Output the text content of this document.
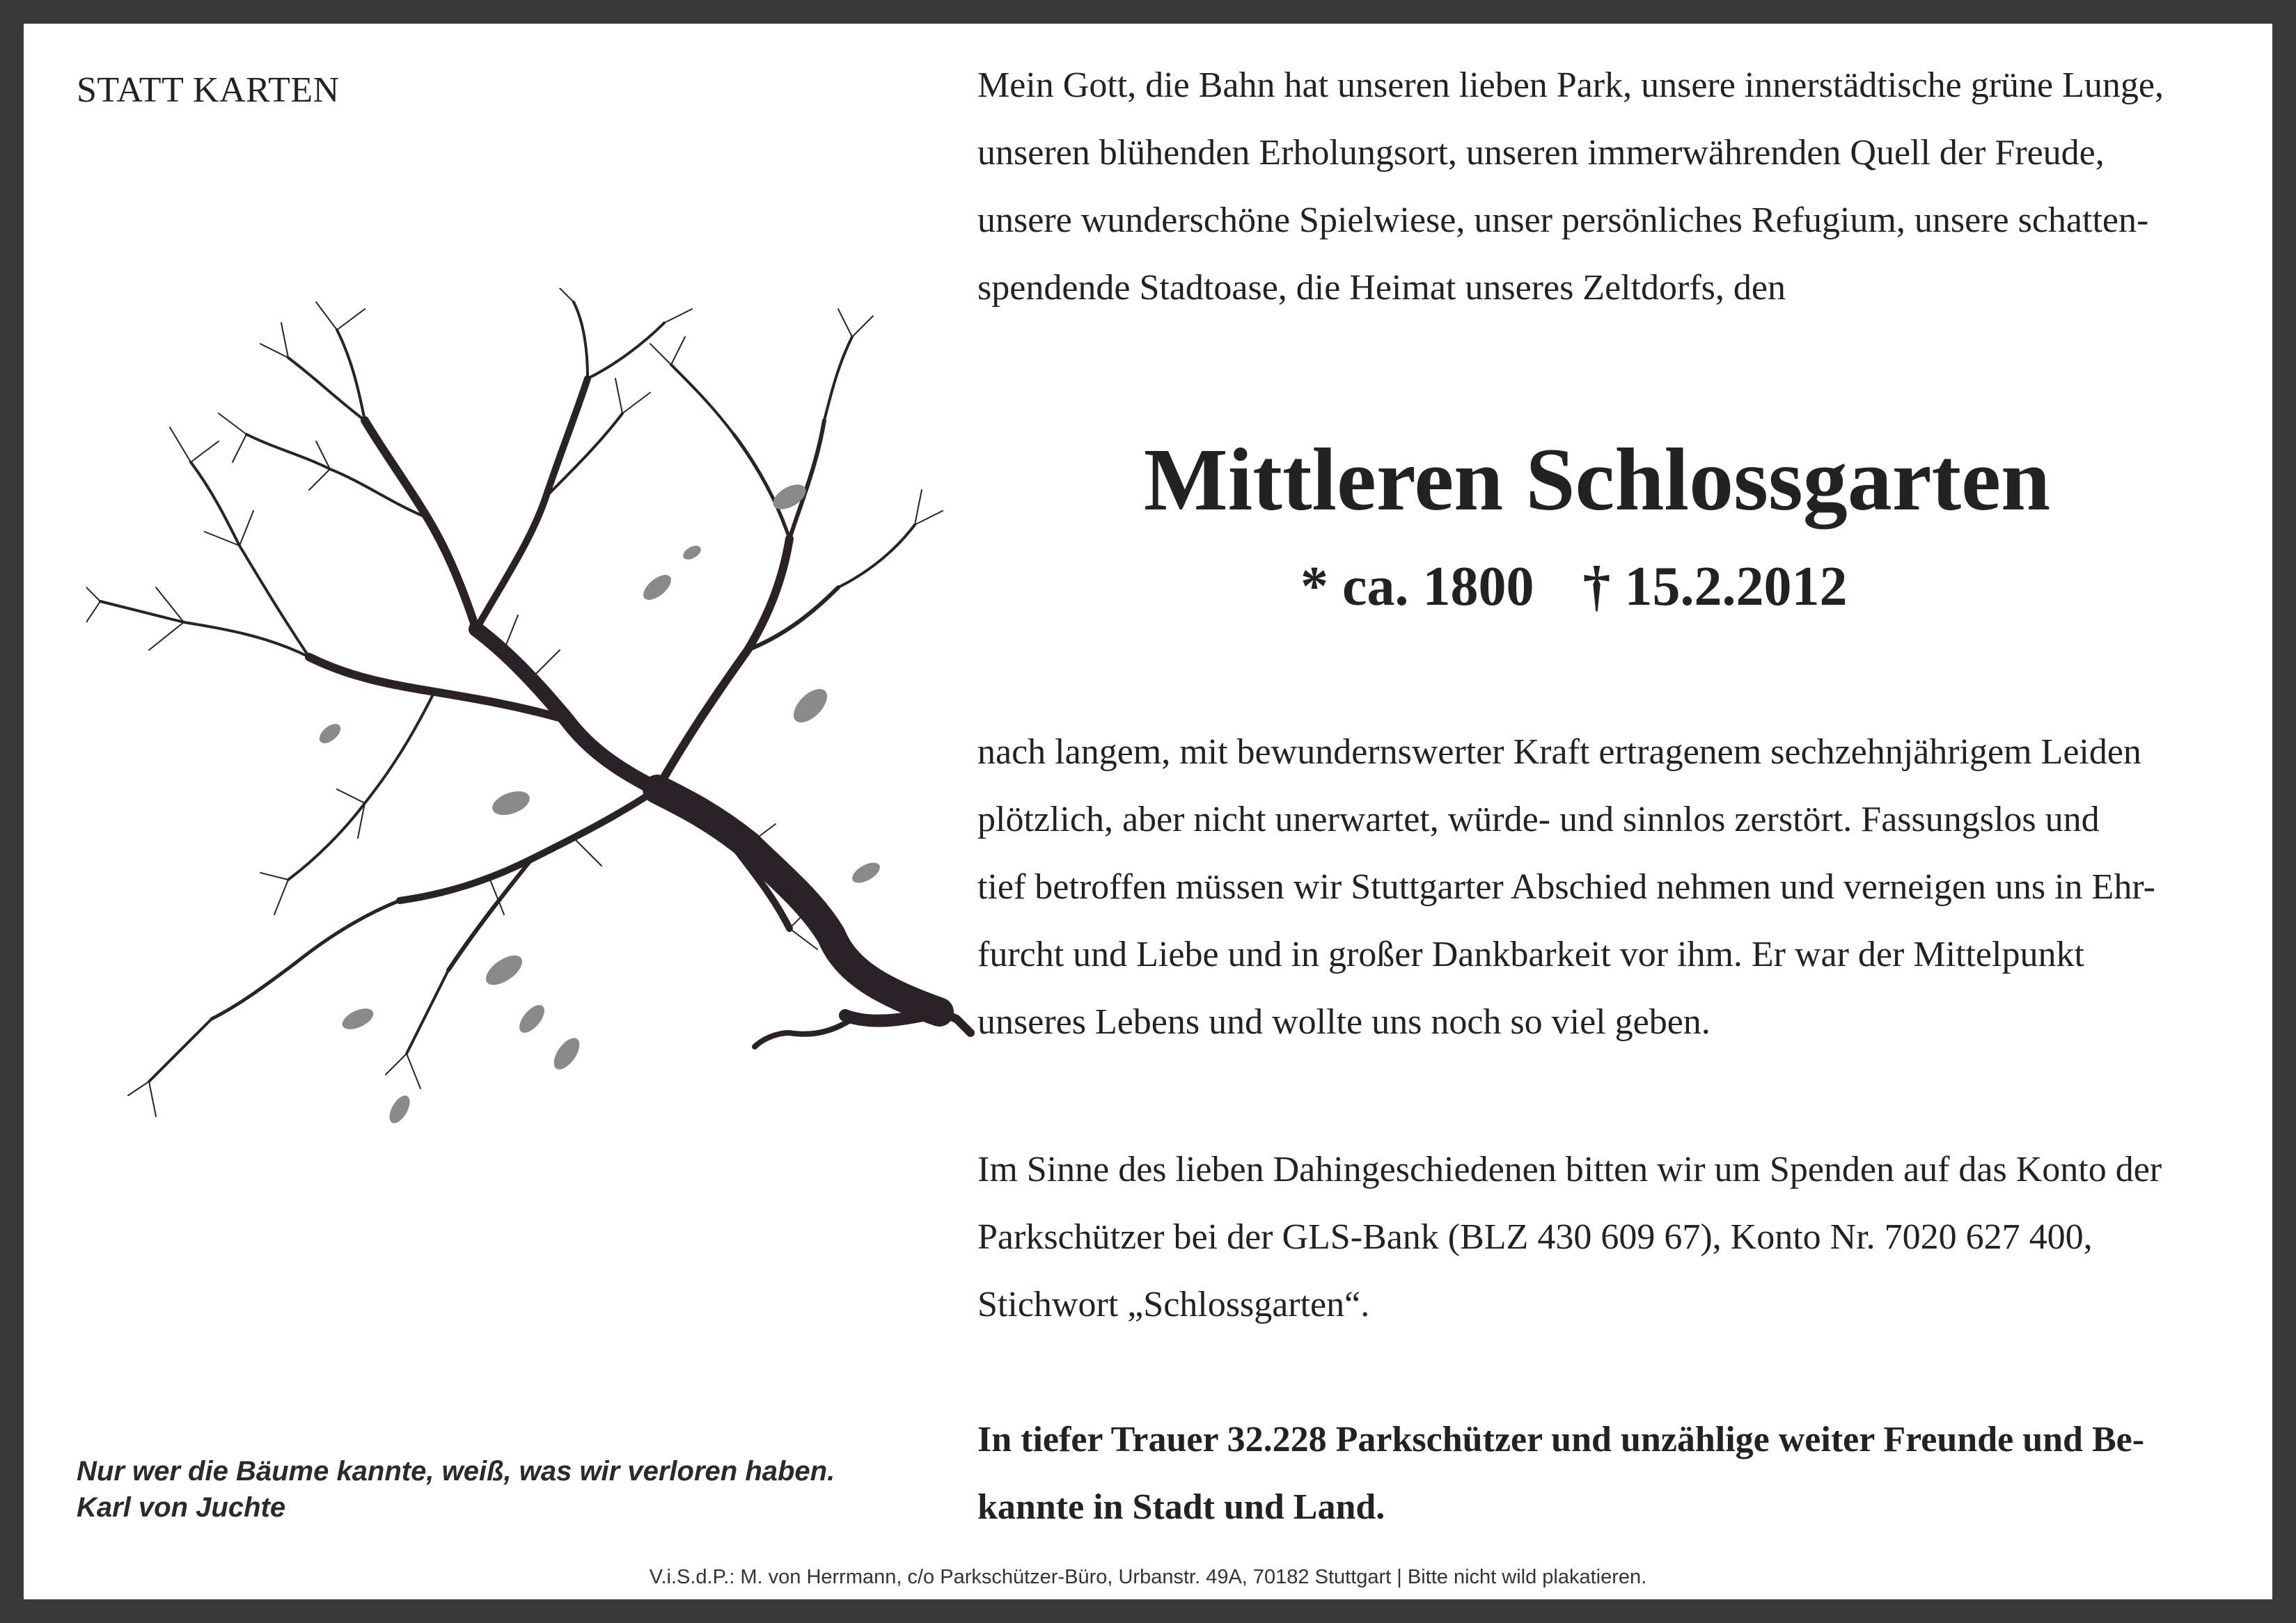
STATT KARTEN	Mein Gott, die Bahn hat unseren lieben Park, unsere innerstädtische grüne Lunge,
unseren blühenden Erholungsort, unseren immerwährenden Quell der Freude,
unsere wunderschöne Spielwiese, unser persönliches Refugium, unsere schatten-
spendende Stadtoase, die Heimat unseres Zeltdorfs, den

Mittleren Schlossgarten
* ca. 1800 † 15.2.2012

nach langem, mit bewundernswerter Kraft ertragenem sechzehnjährigem Leiden
plötzlich, aber nicht unerwartet, würde- und sinnlos zerstört. Fassungslos und
tief betroffen müssen wir Stuttgarter Abschied nehmen und verneigen uns in Ehr-
furcht und Liebe und in großer Dankbarkeit vor ihm. Er war der Mittelpunkt
unseres Lebens und wollte uns noch so viel geben.

Im Sinne des lieben Dahingeschiedenen bitten wir um Spenden auf das Konto der
Parkschützer bei der GLS-Bank (BLZ 430 609 67), Konto Nr. 7020 627 400,
Stichwort „Schlossgarten“.

In tiefer Trauer 32.228 Parkschützer und unzählige weiter Freunde und Be-
kannte in Stadt und Land.

Nur wer die Bäume kannte, weiß, was wir verloren haben.
Karl von Juchte
V.i.S.d.P.: M. von Herrmann, c/o Parkschützer-Büro, Urbanstr. 49A, 70182 Stuttgart | Bitte nicht wild plakatieren.
